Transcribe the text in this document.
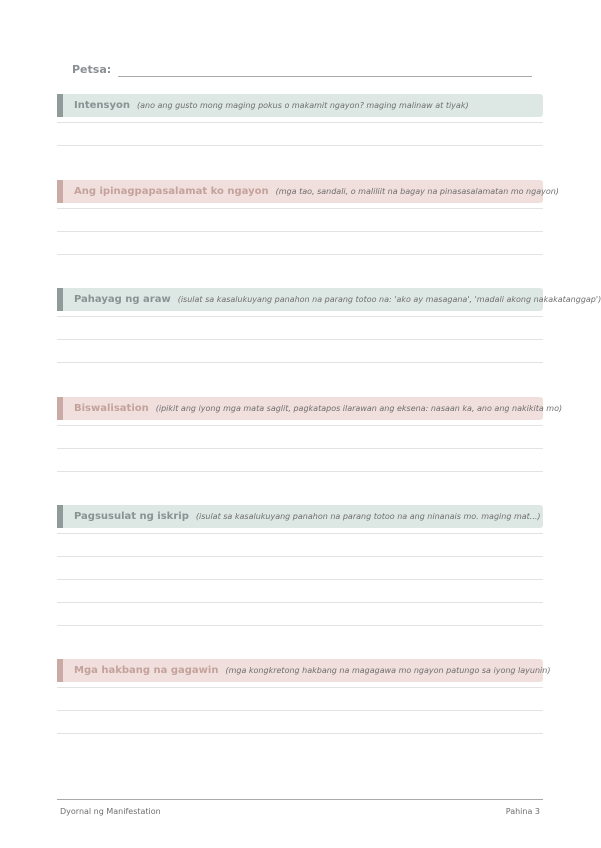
Petsa:
Intensyon (ano ang gusto mong maging pokus o makamit ngayon? maging malinaw at tiyak)
Ang ipinagpapasalamat ko ngayon (mga tao, sandali, o maliliit na bagay na pinasasalamatan mo ngayon)
Pahayag ng araw (isulat sa kasalukuyang panahon na parang totoo na: 'ako ay masagana', 'madali akong nakakatanggap')
Biswalisation (ipikit ang iyong mga mata saglit, pagkatapos ilarawan ang eksena: nasaan ka, ano ang nakikita mo)
Pagsusulat ng iskrip (isulat sa kasalukuyang panahon na parang totoo na ang ninanais mo. maging mat...)
Mga hakbang na gagawin (mga kongkretong hakbang na magagawa mo ngayon patungo sa iyong layunin)
Dyornal ng Manifestation	Pahina 3
